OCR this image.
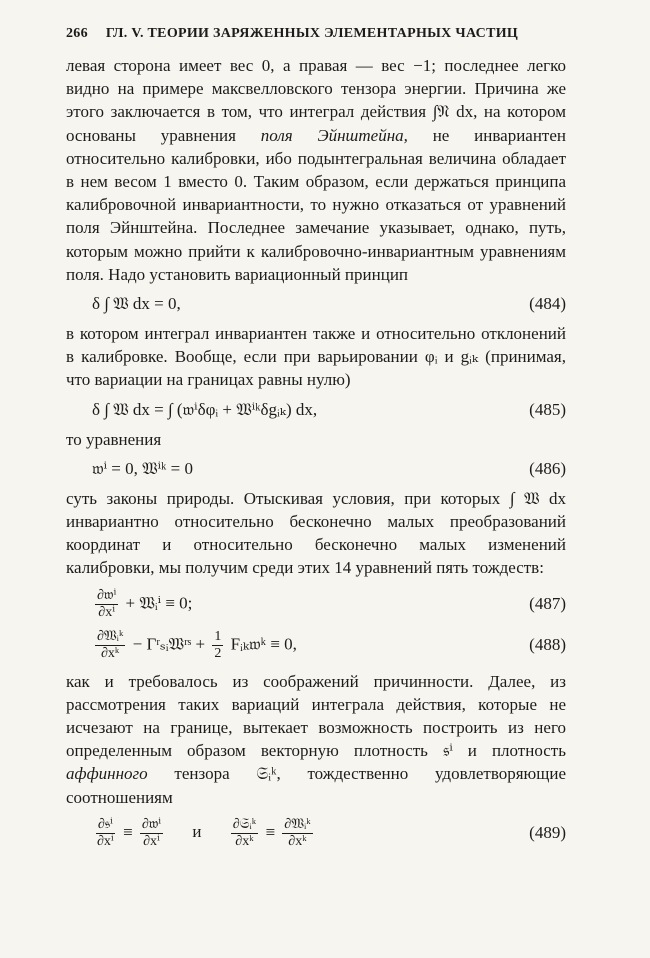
266 ГЛ. V. ТЕОРИИ ЗАРЯЖЕННЫХ ЭЛЕМЕНТАРНЫХ ЧАСТИЦ

левая сторона имеет вес 0, а правая — вес −1; последнее легко видно на примере максвелловского тензора энергии. Причина же этого заключается в том, что интеграл действия ∫𝔑 dx, на котором основаны уравнения поля Эйнштейна, не инвариантен относительно калибровки, ибо подынтегральная величина обладает в нем весом 1 вместо 0. Таким образом, если держаться принципа калибровочной инвариантности, то нужно отказаться от уравнений поля Эйнштейна. Последнее замечание указывает, однако, путь, которым можно прийти к калибровочно-инвариантным уравнениям поля. Надо установить вариационный принцип

δ ∫ 𝔚 dx = 0,	(484)

в котором интеграл инвариантен также и относительно отклонений в калибровке. Вообще, если при варьировании φᵢ и gᵢₖ (принимая, что вариации на границах равны нулю)

δ ∫ 𝔚 dx = ∫ (𝔴ⁱδφᵢ + 𝔚ⁱᵏδgᵢₖ) dx,	(485)

то уравнения

𝔴ⁱ = 0, 𝔚ⁱᵏ = 0	(486)

суть законы природы. Отыскивая условия, при которых ∫ 𝔚 dx инвариантно относительно бесконечно малых преобразований координат и относительно бесконечно малых изменений калибровки, мы получим среди этих 14 уравнений пять тождеств:

$\frac{\text{∂𝔴ⁱ}}{\text{∂xⁱ}}$ + 𝔚ᵢⁱ ≡ 0;	(487)
$\frac{\text{∂𝔚ᵢᵏ}}{\text{∂xᵏ}}$ − Γʳₛᵢ𝔚ʳˢ + $\frac{1}{2}$ Fᵢₖ𝔴ᵏ ≡ 0,	(488)

как и требовалось из соображений причинности. Далее, из рассмотрения таких вариаций интеграла действия, которые не исчезают на границе, вытекает возможность построить из него определенным образом векторную плотность 𝔰ⁱ и плотность аффинного тензора 𝔖ᵢᵏ, тождественно удовлетворяющие соотношениям

$\frac{\text{∂𝔰ⁱ}}{\text{∂xⁱ}} \equiv \frac{\text{∂𝔴ⁱ}}{\text{∂xⁱ}}$ и $\frac{\text{∂𝔖ᵢᵏ}}{\text{∂xᵏ}} \equiv \frac{\text{∂𝔚ᵢᵏ}}{\text{∂xᵏ}}$	(489)
